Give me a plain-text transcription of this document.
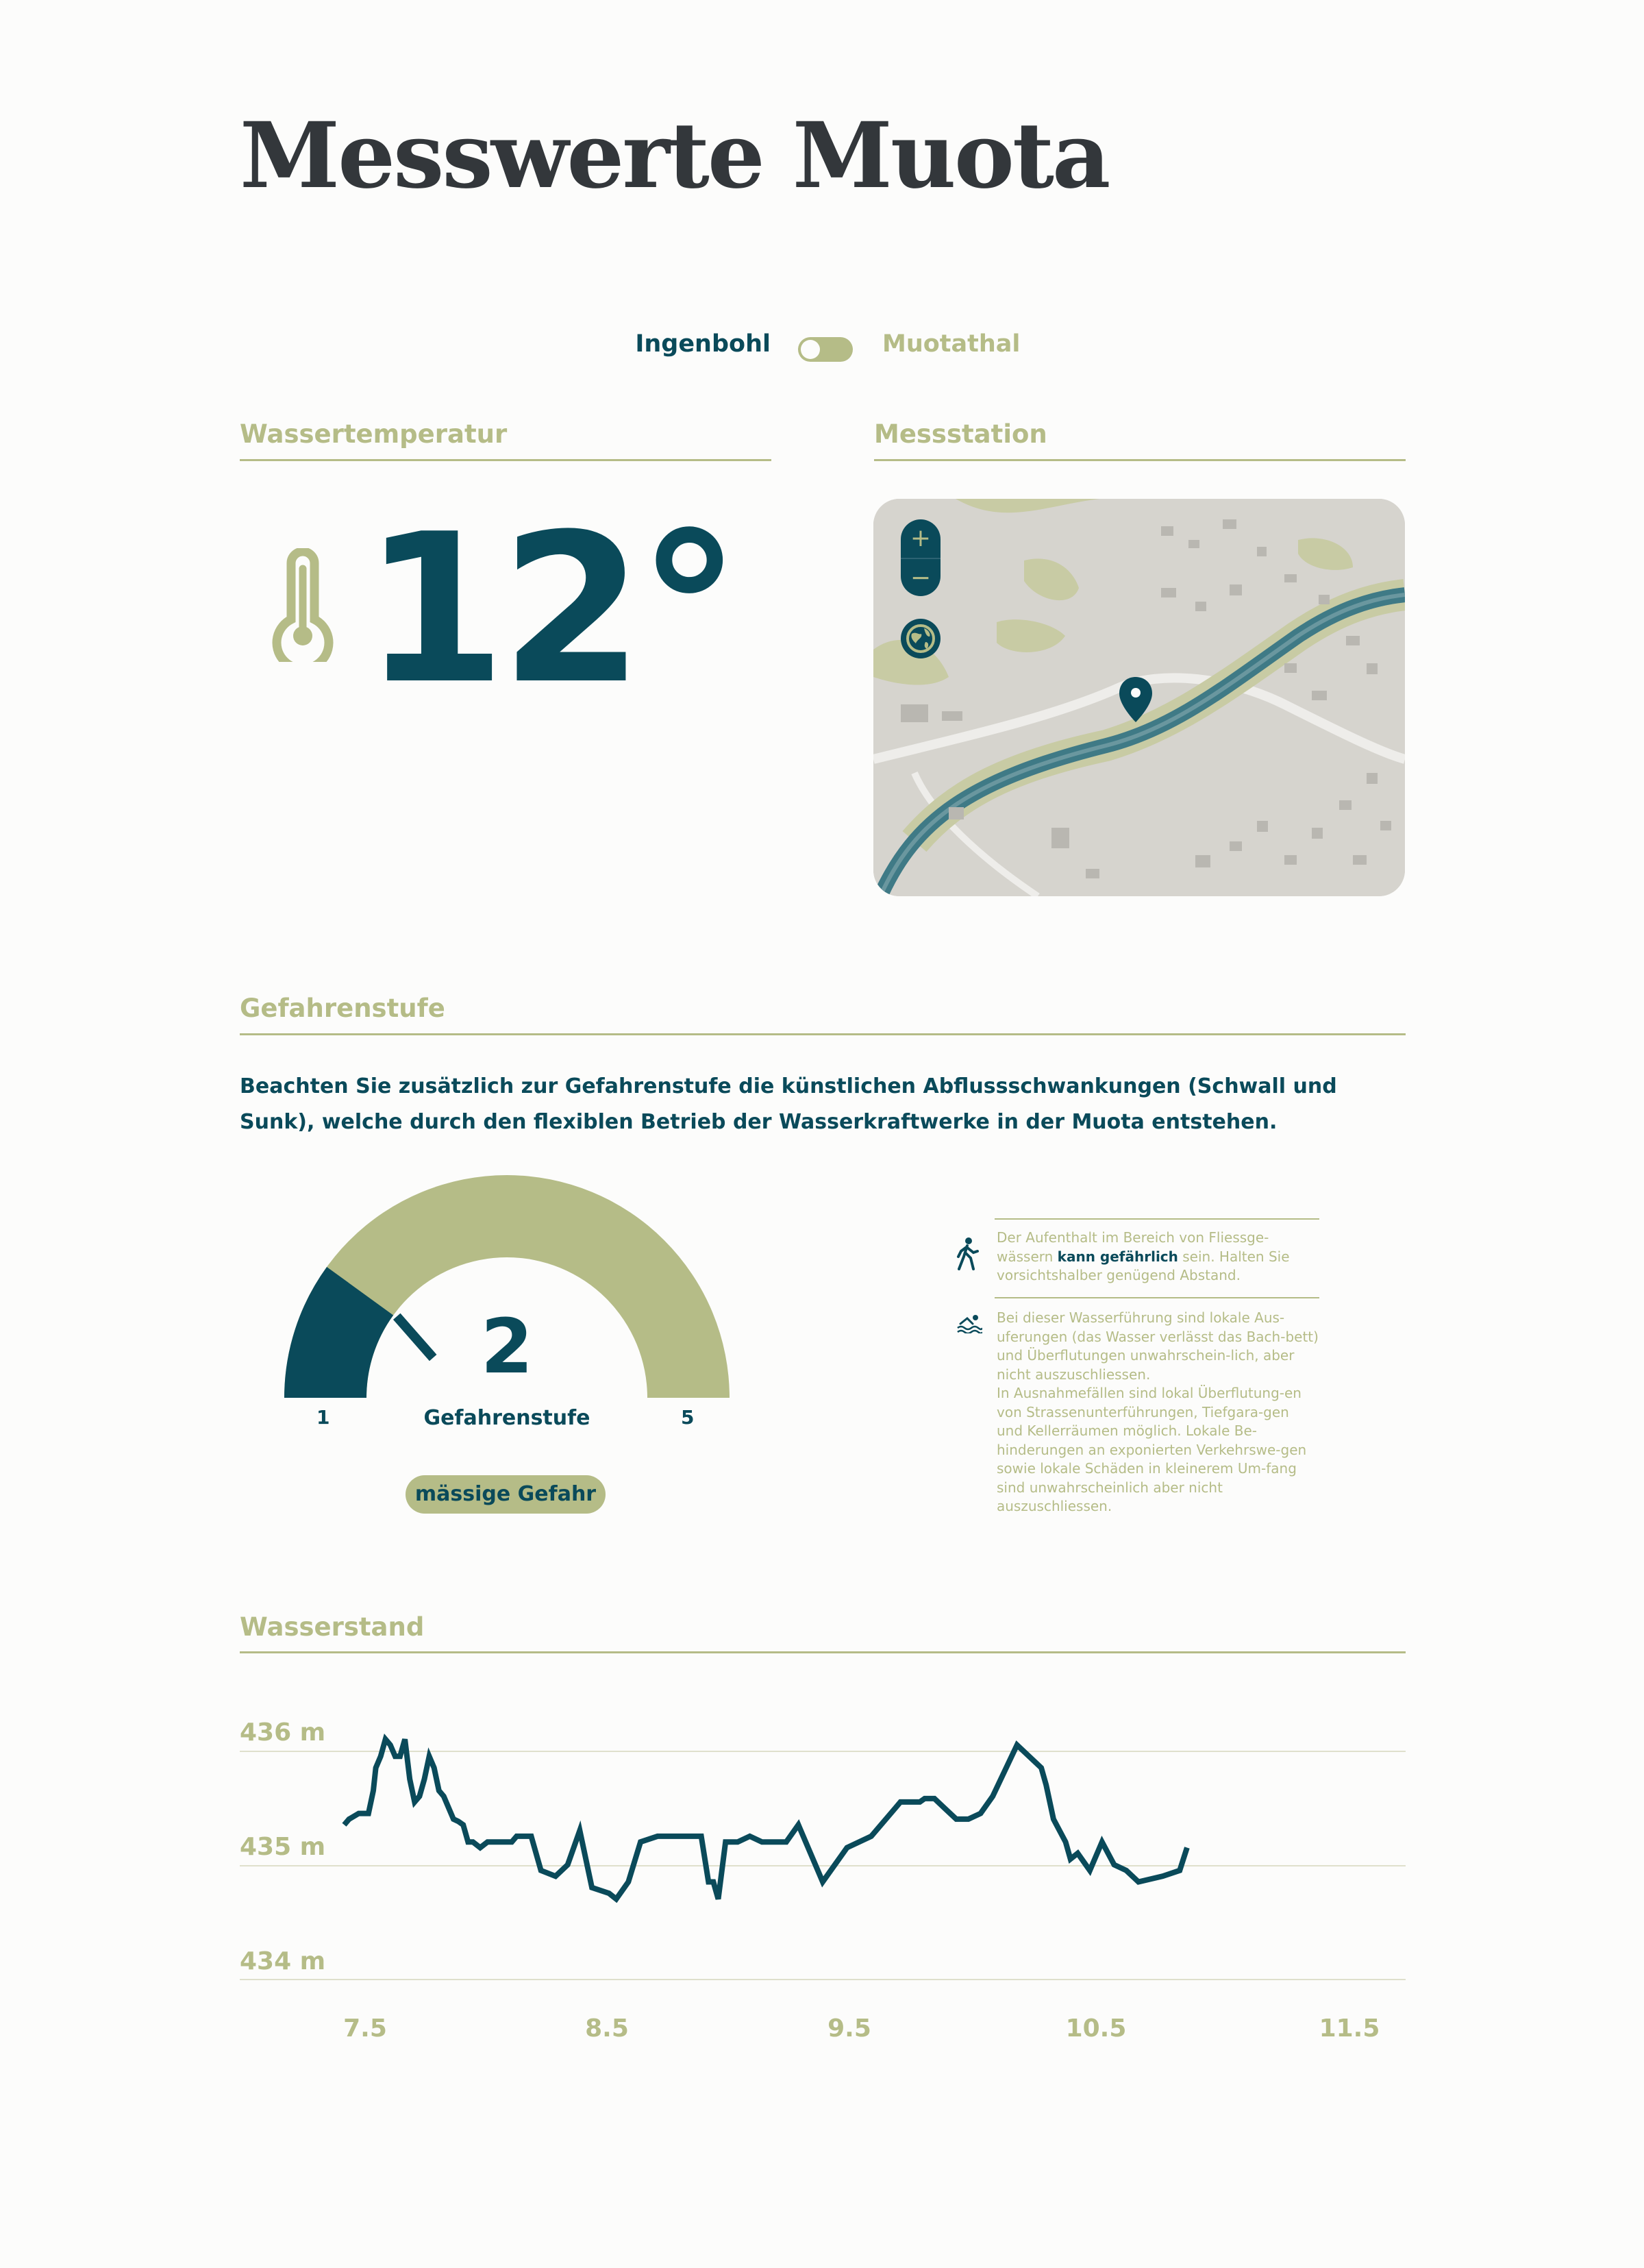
Messwerte Muota
Ingenbohl	Muotathal
Wassertemperatur
12°
Messstation
+
−
Gefahrenstufe
Beachten Sie zusätzlich zur Gefahrenstufe die künstlichen Abflussschwankungen (Schwall und Sunk), welche durch den flexiblen Betrieb der Wasserkraftwerke in der Muota entstehen.
2
1	Gefahrenstufe	5
mässige Gefahr
Der Aufenthalt im Bereich von Fliessge-wässern kann gefährlich sein. Halten Sie vorsichtshalber genügend Abstand.
Bei dieser Wasserführung sind lokale Aus-uferungen (das Wasser verlässt das Bach-bett) und Überflutungen unwahrschein-lich, aber nicht auszuschliessen.
In Ausnahmefällen sind lokal Überflutung-en von Strassenunterführungen, Tiefgara-gen und Kellerräumen möglich. Lokale Be-hinderungen an exponierten Verkehrswe-gen sowie lokale Schäden in kleinerem Um-fang sind unwahrscheinlich aber nicht auszuschliessen.
Wasserstand
436 m
435 m
434 m
7.5	8.5	9.5	10.5	11.5
